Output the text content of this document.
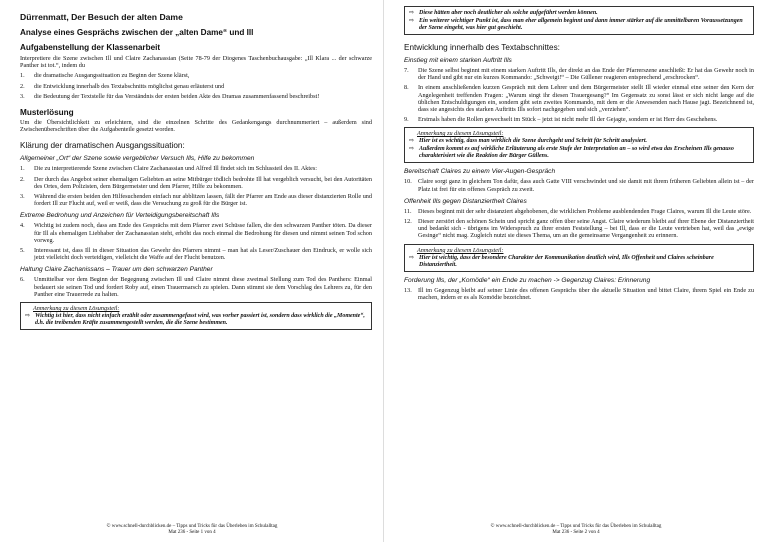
Dürrenmatt, Der Besuch der alten Dame

Analyse eines Gesprächs zwischen der „alten Dame“ und Ill

Aufgabenstellung der Klassenarbeit

Interpretiere die Szene zwischen Ill und Claire Zachanassian (Seite 78-79 der Diogenes Taschenbuchausgabe: „Ill Klara ... der schwarze Panther ist tot.“, indem du

1.	die dramatische Ausgangssituation zu Beginn der Szene klärst,
2.	die Entwicklung innerhalb des Textabschnitts möglichst genau erläuterst und
3.	die Bedeutung der Textstelle für das Verständnis der ersten beiden Akte des Dramas zusammenfassend beschreibst!

Musterlösung

Um die Übersichtlichkeit zu erleichtern, sind die einzelnen Schritte des Gedankengangs durchnummeriert – außerdem sind Zwischenüberschriften über die Aufgabenteile gesetzt worden.

Klärung der dramatischen Ausgangssituation:

Allgemeiner „Ort“ der Szene sowie vergeblicher Versuch Ills, Hilfe zu bekommen

1.	Die zu interpretierende Szene zwischen Claire Zachanassian und Alfred Ill findet sich im Schlussteil des II. Aktes:
2.	Der durch das Angebot seiner ehemaligen Geliebten an seine Mitbürger tödlich bedrohte Ill hat vergeblich versucht, bei den Autoritäten des Ortes, dem Polizisten, dem Bürgermeister und dem Pfarrer, Hilfe zu bekommen.
3.	Während die ersten beiden den Hilfesuchenden einfach nur abblitzen lassen, fällt der Pfarrer am Ende aus dieser distanzierten Rolle und fordert Ill zur Flucht auf, weil er weiß, dass die Versuchung zu groß für die Bürger ist.

Extreme Bedrohung und Anzeichen für Verteidigungsbereitschaft Ills

4.	Wichtig ist zudem noch, dass am Ende des Gesprächs mit dem Pfarrer zwei Schüsse fallen, die den schwarzen Panther töten. Da dieser für Ill als ehemaligen Liebhaber der Zachanassian steht, erhöht das noch einmal die Bedrohung für diesen und nimmt seinen Tod schon vorweg.
5.	Interessant ist, dass Ill in dieser Situation das Gewehr des Pfarrers nimmt – man hat als Leser/Zuschauer den Eindruck, er wolle sich jetzt vielleicht doch verteidigen, vielleicht die Waffe auf der Flucht benutzen.

Haltung Claire Zachanissans – Trauer um den schwarzen Panther

6.	Unmittelbar vor dem Beginn der Begegnung zwischen Ill und Claire nimmt diese zweimal Stellung zum Tod des Panthers: Einmal bedauert sie seinen Tod und fordert Roby auf, einen Trauermarsch zu spielen. Dann stimmt sie dem Vorschlag des Lehrers zu, für den Panther eine Trauerrede zu halten.
Anmerkung zu diesem Lösungsteil:
⇨ Wichtig ist hier, dass nicht einfach erzählt oder zusammengefasst wird, was vorher passiert ist, sondern dass wirklich die „Momente“, d.h. die treibenden Kräfte zusammengestellt werden, die die Szene bestimmen.
© www.schnell-durchblicken.de – Tipps und Tricks für das Überleben im Schulalltag
Mat 236 - Seite 1 von 4
⇨ Diese hätten aber noch deutlicher als solche aufgeführt werden können.
⇨ Ein weiterer wichtiger Punkt ist, dass man eher allgemein beginnt und dann immer stärker auf die unmittelbaren Voraussetzungen der Szene eingeht, was hier gut geschieht.

Entwicklung innerhalb des Textabschnittes:

Einstieg mit einem starken Auftritt Ills

7.	Die Szene selbst beginnt mit einem starken Auftritt Ills, der direkt an das Ende der Pfarrerszene anschließt: Er hat das Gewehr noch in der Hand und gibt nur ein kurzes Kommando: „Schweigt!“ – Die Güllener reagieren entsprechend „erschrocken“.
8.	In einem anschließenden kurzen Gespräch mit dem Lehrer und dem Bürgermeister stellt Ill wieder einmal eine seiner den Kern der Angelegenheit treffenden Fragen: „Warum singt ihr diesen Trauergesang?“ Im Gegensatz zu sonst lässt er sich nicht lange auf die üblichen Entschuldigungen ein, sondern gibt sein zweites Kommando, mit dem er die Anwesenden nach Hause jagt. Bezeichnend ist, dass sie angesichts des starken Auftritts Ills sofort nachgegeben und sich „verziehen“.
9.	Erstmals haben die Rollen gewechselt im Stück – jetzt ist nicht mehr Ill der Gejagte, sondern er ist Herr des Geschehens.
Anmerkung zu diesem Lösungsteil:
⇨ Hier ist es wichtig, dass man wirklich die Szene durchgeht und Schritt für Schritt analysiert.
⇨ Außerdem kommt es auf wirkliche Erläuterung als erste Stufe der Interpretation an – so wird etwa das Erscheinen Ills genauso charakterisiert wie die Reaktion der Bürger Güllens.

Bereitschaft Claires zu einem Vier-Augen-Gespräch

10.	Claire sorgt ganz in gleichem Ton dafür, dass auch Gatte VIII verschwindet und sie damit mit ihrem früheren Geliebten allein ist – der Platz ist frei für ein offenes Gespräch zu zweit.

Offenheit Ills gegen Distanziertheit Claires

11.	Dieses beginnt mit der sehr distanziert abgehobenen, die wirklichen Probleme ausblendenden Frage Claires, warum Ill die Leute störe.
12.	Dieser zerstört den schönen Schein und spricht ganz offen über seine Angst. Claire wiederum bleibt auf ihrer Ebene der Distanziertheit und bedankt sich - übrigens im Widerspruch zu ihrer ersten Feststellung – bei Ill, dass er die Leute vertrieben hat, weil das „ewige Gesinge“ nicht mag. Zugleich nutzt sie dieses Thema, um an die gemeinsame Vergangenheit zu erinnern.
Anmerkung zu diesem Lösungsteil:
⇨ Hier ist wichtig, dass der besondere Charakter der Kommunikation deutlich wird, Ills Offenheit und Claires scheinbare Distanziertheit.

Forderung Ills, der „Komödie“ ein Ende zu machen -> Gegenzug Claires: Erinnerung

13.	Ill im Gegenzug bleibt auf seiner Linie des offenen Gesprächs über die aktuelle Situation und bittet Claire, ihrem Spiel ein Ende zu machen, indem er es als Komödie bezeichnet.
© www.schnell-durchblicken.de – Tipps und Tricks für das Überleben im Schulalltag
Mat 236 - Seite 2 von 4
